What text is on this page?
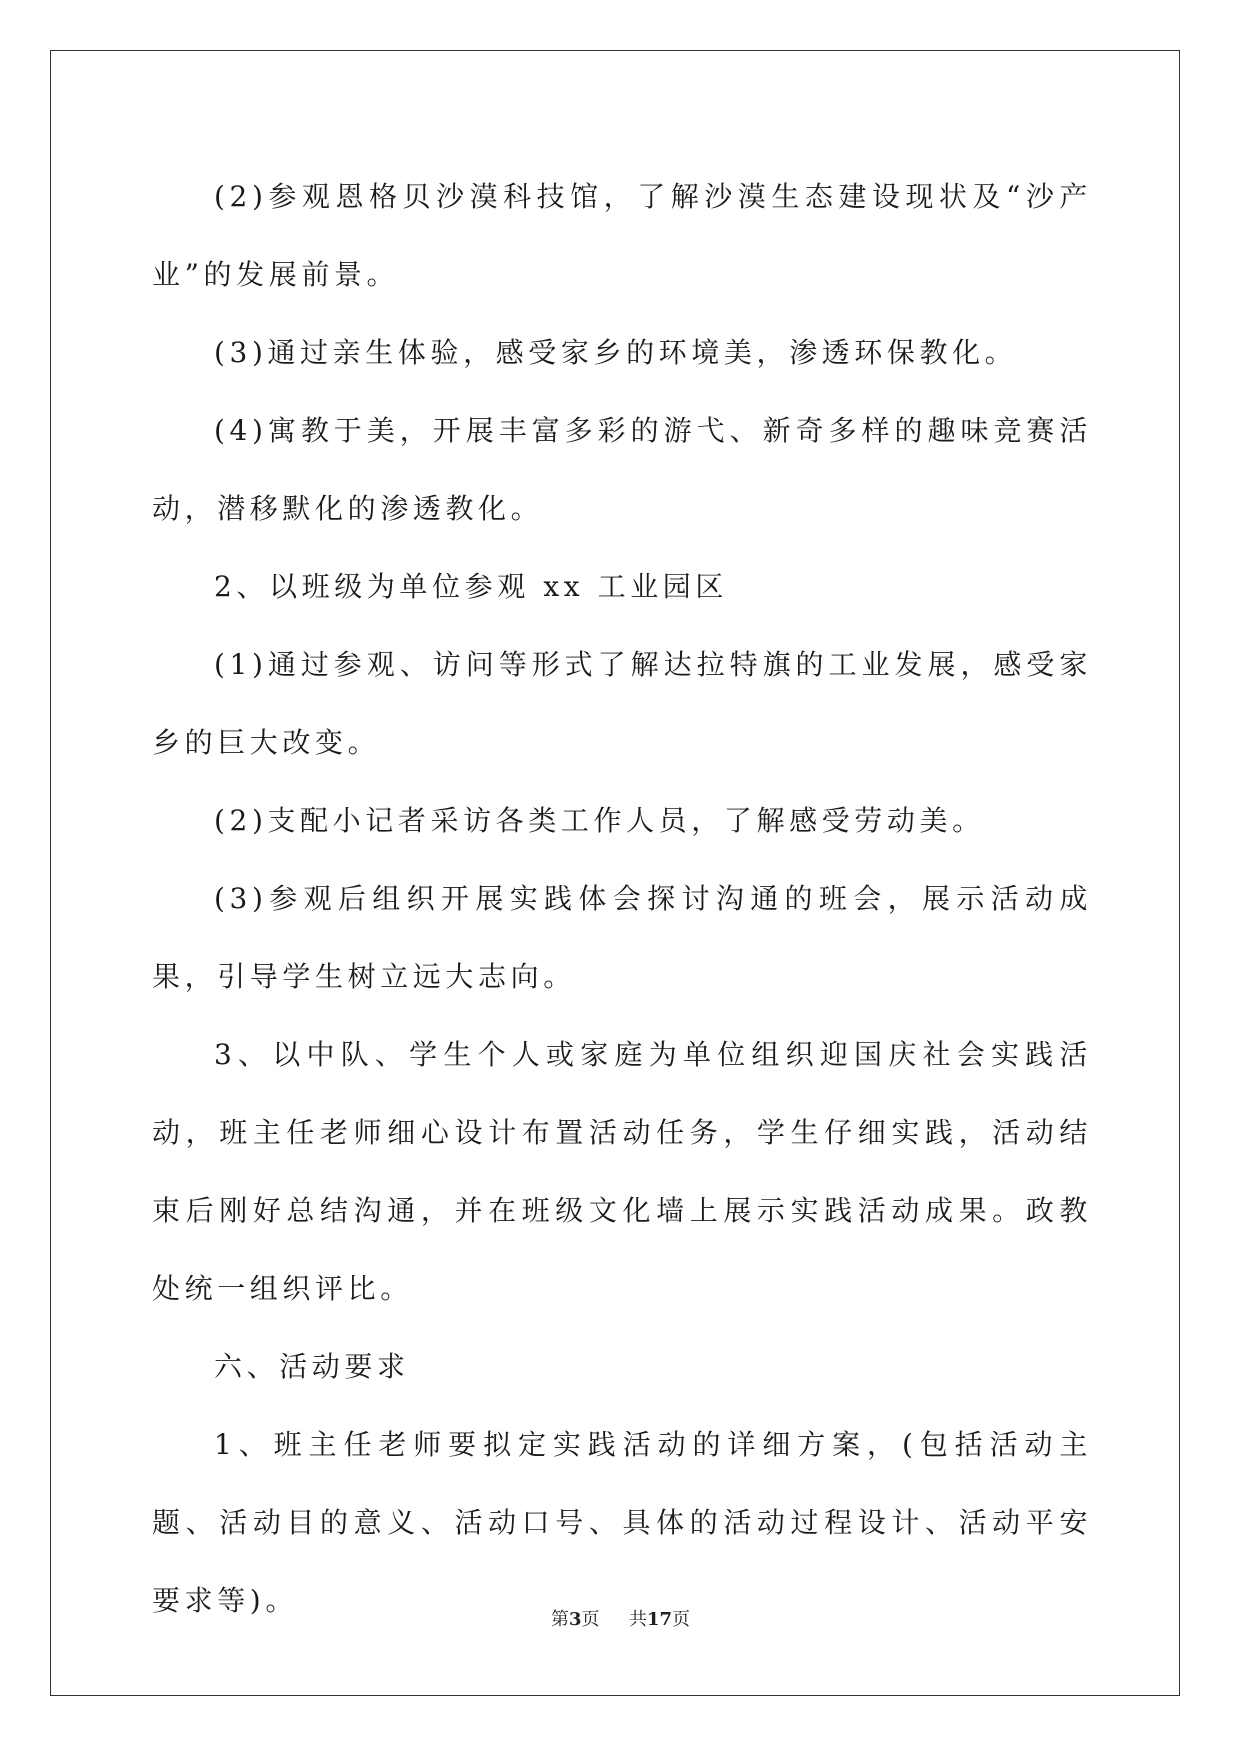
(2)参观恩格贝沙漠科技馆，了解沙漠生态建设现状及“沙产业”的发展前景。

(3)通过亲生体验，感受家乡的环境美，渗透环保教化。

(4)寓教于美，开展丰富多彩的游弋、新奇多样的趣味竞赛活动，潜移默化的渗透教化。

2、以班级为单位参观 xx 工业园区

(1)通过参观、访问等形式了解达拉特旗的工业发展，感受家乡的巨大改变。

(2)支配小记者采访各类工作人员，了解感受劳动美。

(3)参观后组织开展实践体会探讨沟通的班会，展示活动成果，引导学生树立远大志向。

3、以中队、学生个人或家庭为单位组织迎国庆社会实践活动，班主任老师细心设计布置活动任务，学生仔细实践，活动结束后刚好总结沟通，并在班级文化墙上展示实践活动成果。政教处统一组织评比。

六、活动要求

1、班主任老师要拟定实践活动的详细方案，(包括活动主题、活动目的意义、活动口号、具体的活动过程设计、活动平安要求等)。

第3页 共17页
